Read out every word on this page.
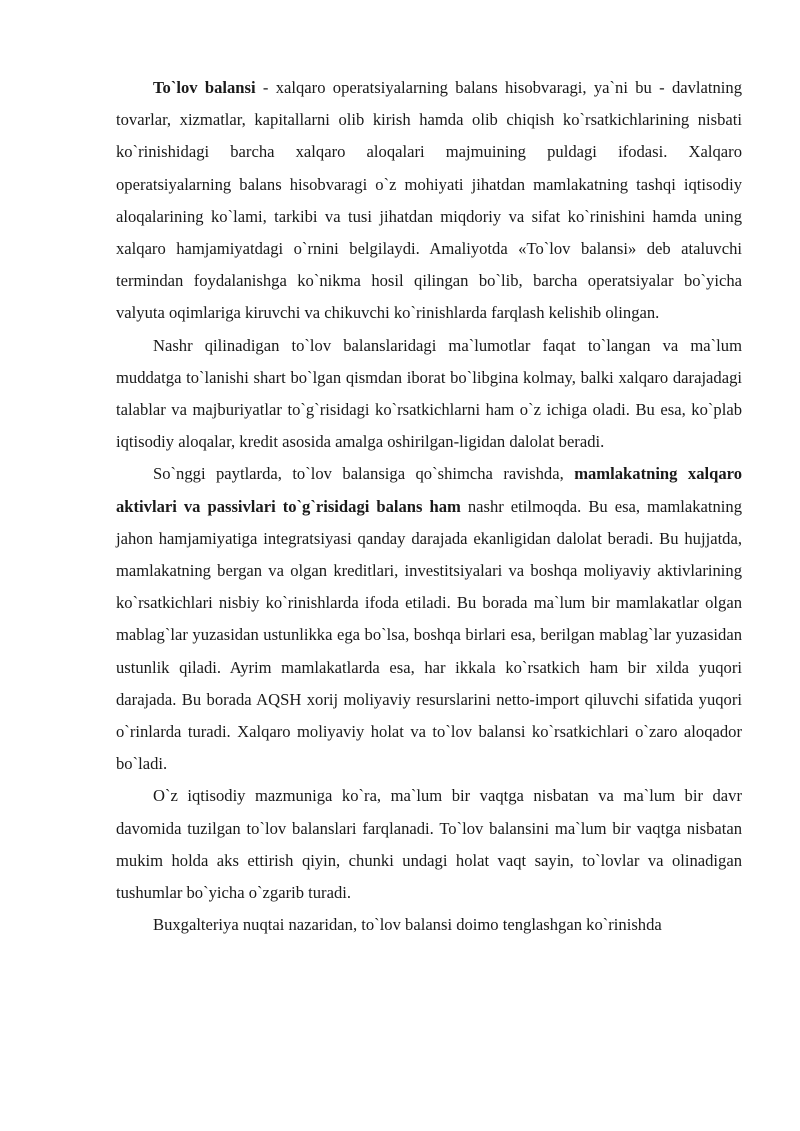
To`lov balansi - xalqaro operatsiyalarning balans hisobvaragi, ya`ni bu - davlatning tovarlar, xizmatlar, kapitallarni olib kirish hamda olib chiqish ko`rsatkichlarining nisbati ko`rinishidagi barcha xalqaro aloqalari majmuining puldagi ifodasi. Xalqaro operatsiyalarning balans hisobvaragi o`z mohiyati jihatdan mamlakatning tashqi iqtisodiy aloqalarining ko`lami, tarkibi va tusi jihatdan miqdoriy va sifat ko`rinishini hamda uning xalqaro hamjamiyatdagi o`rnini belgilaydi. Amaliyotda «To`lov balansi» deb ataluvchi termindan foydalanishga ko`nikma hosil qilingan bo`lib, barcha operatsiyalar bo`yicha valyuta oqimlariga kiruvchi va chikuvchi ko`rinishlarda farqlash kelishib olingan.

Nashr qilinadigan to`lov balanslaridagi ma`lumotlar faqat to`langan va ma`lum muddatga to`lanishi shart bo`lgan qismdan iborat bo`libgina kolmay, balki xalqaro darajadagi talablar va majburiyatlar to`g`risidagi ko`rsatkichlarni ham o`z ichiga oladi. Bu esa, ko`plab iqtisodiy aloqalar, kredit asosida amalga oshirilgan-ligidan dalolat beradi.

So`nggi paytlarda, to`lov balansiga qo`shimcha ravishda, mamlakatning xalqaro aktivlari va passivlari to`g`risidagi balans ham nashr etilmoqda. Bu esa, mamlakatning jahon hamjamiyatiga integratsiyasi qanday darajada ekanligidan dalolat beradi. Bu hujjatda, mamlakatning bergan va olgan kreditlari, investitsiyalari va boshqa moliyaviy aktivlarining ko`rsatkichlari nisbiy ko`rinishlarda ifoda etiladi. Bu borada ma`lum bir mamlakatlar olgan mablag`lar yuzasidan ustunlikka ega bo`lsa, boshqa birlari esa, berilgan mablag`lar yuzasidan ustunlik qiladi. Ayrim mamlakatlarda esa, har ikkala ko`rsatkich ham bir xilda yuqori darajada. Bu borada AQSH xorij moliyaviy resurslarini netto-import qiluvchi sifatida yuqori o`rinlarda turadi. Xalqaro moliyaviy holat va to`lov balansi ko`rsatkichlari o`zaro aloqador bo`ladi.

O`z iqtisodiy mazmuniga ko`ra, ma`lum bir vaqtga nisbatan va ma`lum bir davr davomida tuzilgan to`lov balanslari farqlanadi. To`lov balansini ma`lum bir vaqtga nisbatan mukim holda aks ettirish qiyin, chunki undagi holat vaqt sayin, to`lovlar va olinadigan tushumlar bo`yicha o`zgarib turadi.

Buxgalteriya nuqtai nazaridan, to`lov balansi doimo tenglashgan ko`rinishda
